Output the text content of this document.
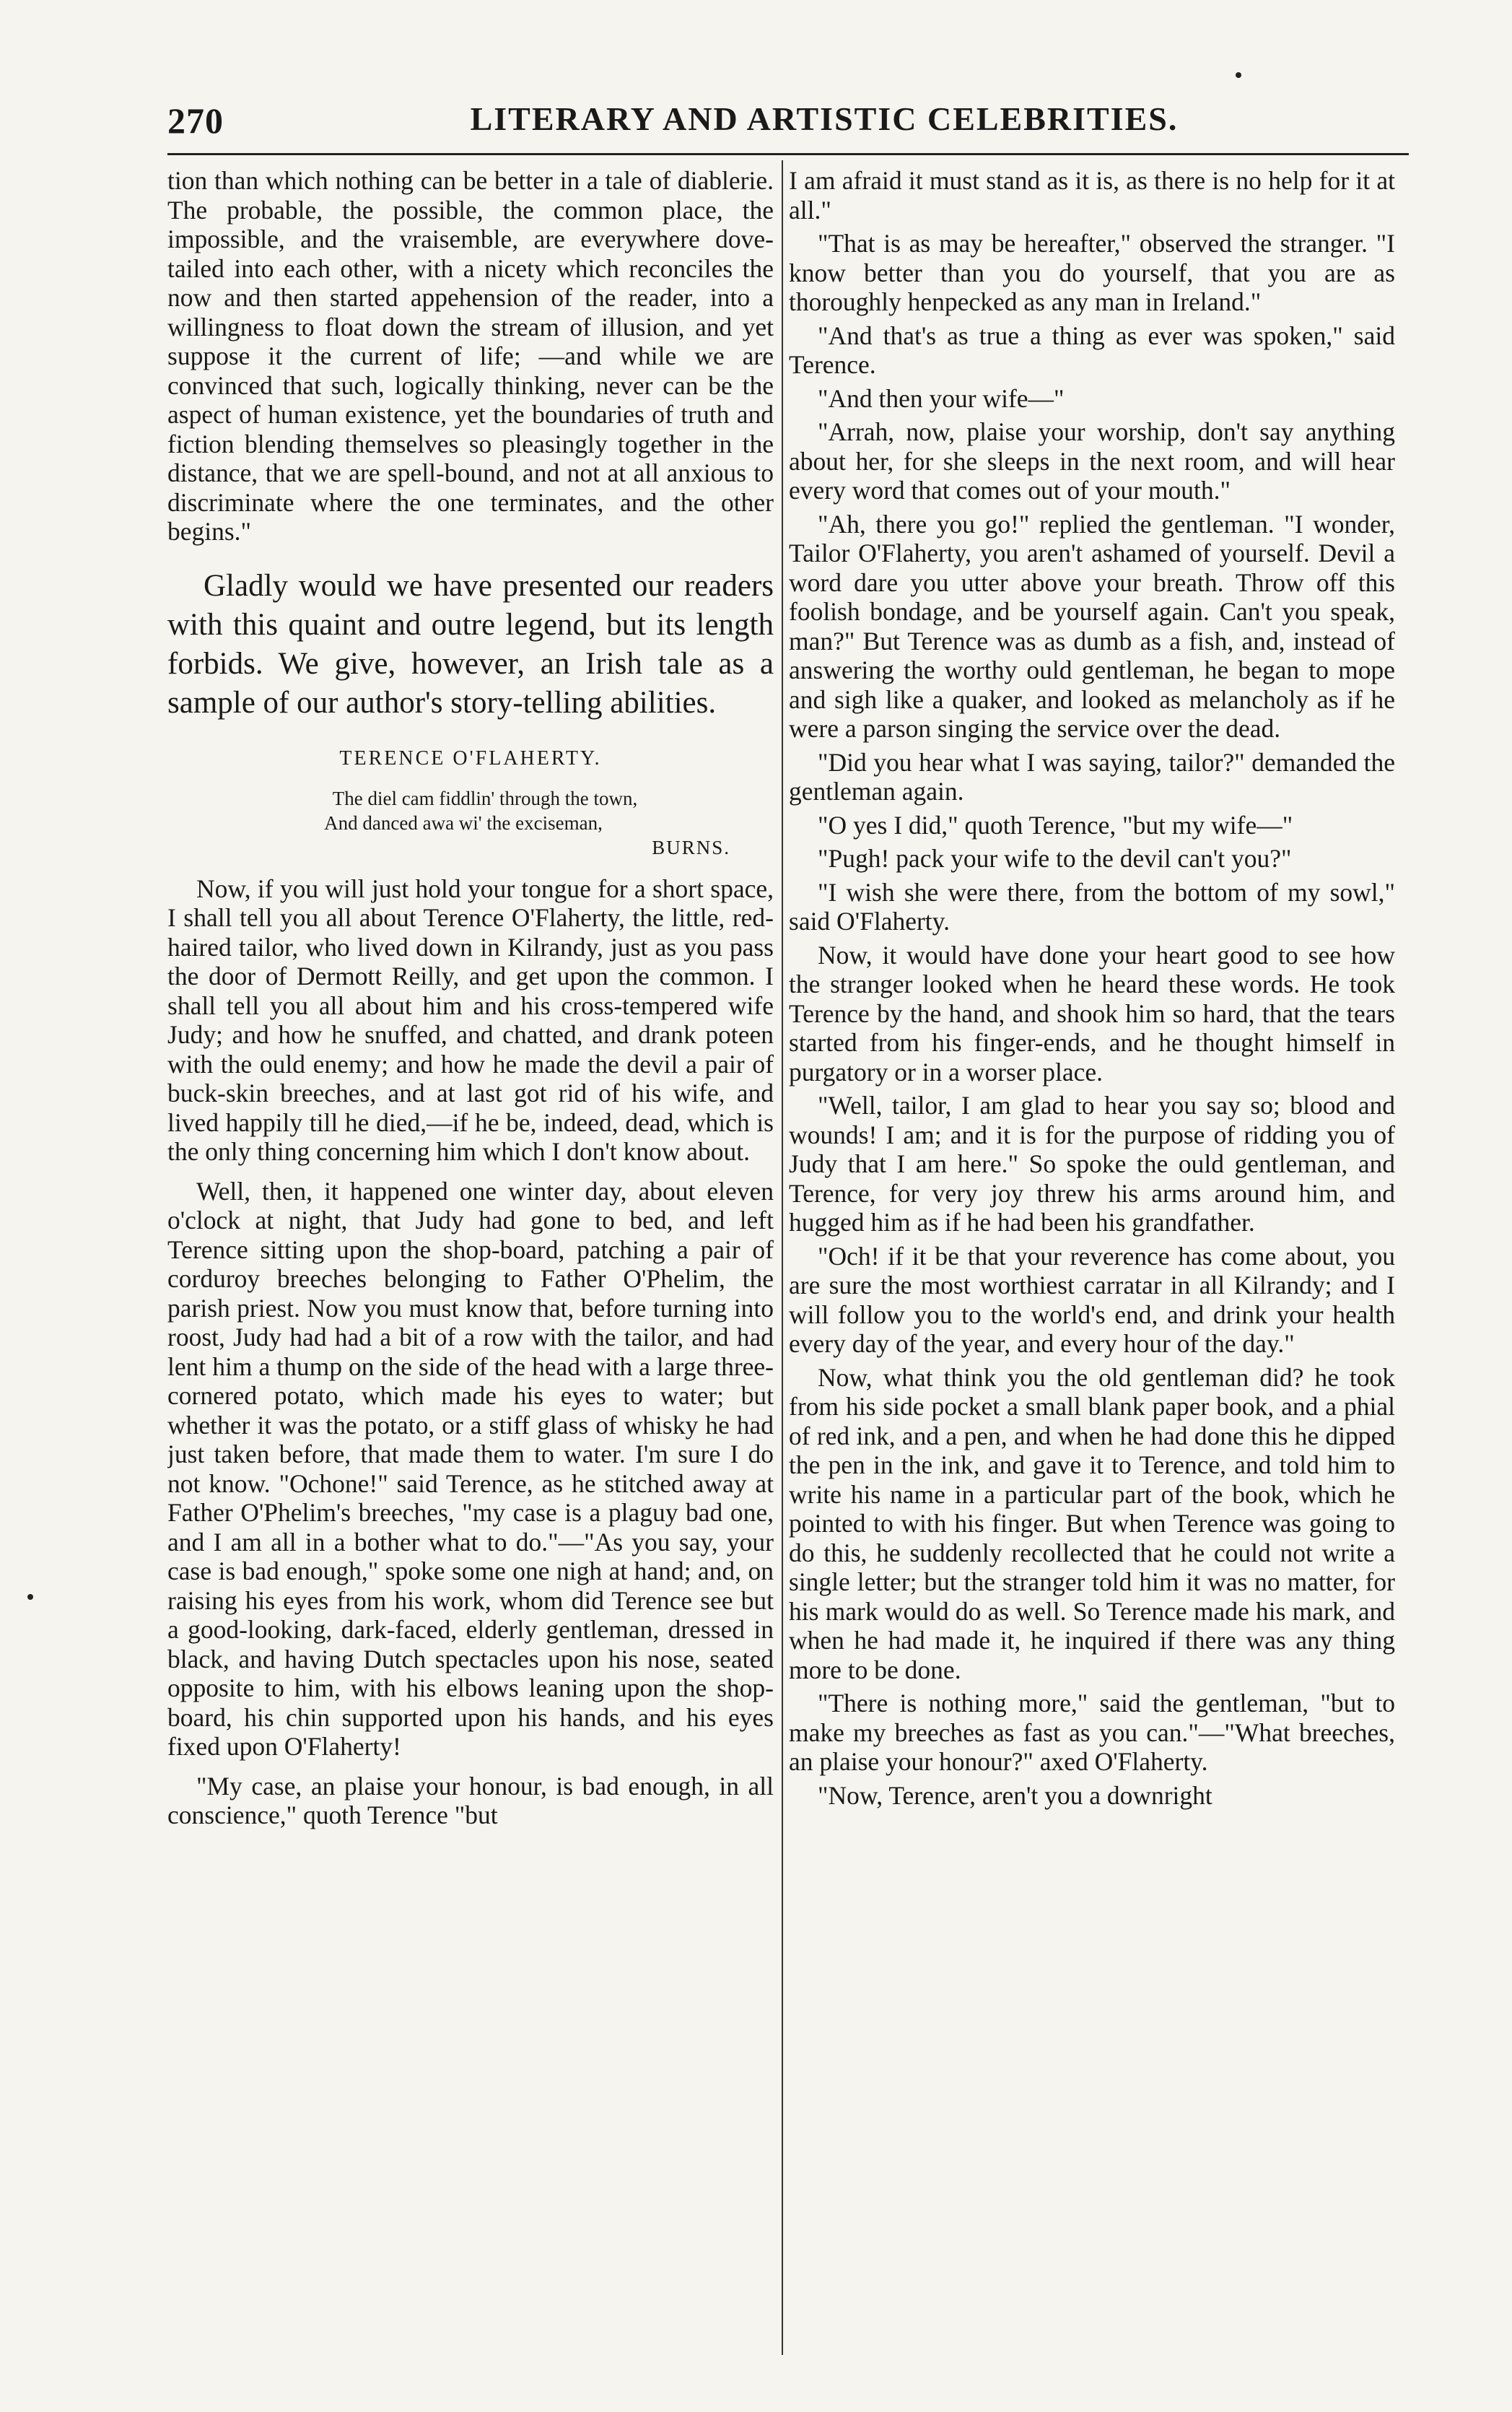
270	LITERARY AND ARTISTIC CELEBRITIES.

tion than which nothing can be better in a tale of diablerie. The probable, the possible, the common place, the impossible, and the vraisemble, are everywhere dove-tailed into each other, with a nicety which reconciles the now and then started appehension of the reader, into a willingness to float down the stream of illusion, and yet suppose it the current of life; —and while we are convinced that such, logically thinking, never can be the aspect of human existence, yet the boundaries of truth and fiction blending themselves so pleasingly together in the distance, that we are spell-bound, and not at all anxious to discriminate where the one terminates, and the other begins."

Gladly would we have presented our readers with this quaint and outre legend, but its length forbids. We give, however, an Irish tale as a sample of our author's story-telling abilities.

TERENCE O'FLAHERTY.
The diel cam fiddlin' through the town,
And danced awa wi' the exciseman,
BURNS.

Now, if you will just hold your tongue for a short space, I shall tell you all about Terence O'Flaherty, the little, red-haired tailor, who lived down in Kilrandy, just as you pass the door of Dermott Reilly, and get upon the common. I shall tell you all about him and his cross-tempered wife Judy; and how he snuffed, and chatted, and drank poteen with the ould enemy; and how he made the devil a pair of buck-skin breeches, and at last got rid of his wife, and lived happily till he died,—if he be, indeed, dead, which is the only thing concerning him which I don't know about.

Well, then, it happened one winter day, about eleven o'clock at night, that Judy had gone to bed, and left Terence sitting upon the shop-board, patching a pair of corduroy breeches belonging to Father O'Phelim, the parish priest. Now you must know that, before turning into roost, Judy had had a bit of a row with the tailor, and had lent him a thump on the side of the head with a large three-cornered potato, which made his eyes to water; but whether it was the potato, or a stiff glass of whisky he had just taken before, that made them to water. I'm sure I do not know. "Ochone!" said Terence, as he stitched away at Father O'Phelim's breeches, "my case is a plaguy bad one, and I am all in a bother what to do."—"As you say, your case is bad enough," spoke some one nigh at hand; and, on raising his eyes from his work, whom did Terence see but a good-looking, dark-faced, elderly gentleman, dressed in black, and having Dutch spectacles upon his nose, seated opposite to him, with his elbows leaning upon the shop-board, his chin supported upon his hands, and his eyes fixed upon O'Flaherty!

"My case, an plaise your honour, is bad enough, in all conscience," quoth Terence "but

I am afraid it must stand as it is, as there is no help for it at all."

"That is as may be hereafter," observed the stranger. "I know better than you do yourself, that you are as thoroughly henpecked as any man in Ireland."

"And that's as true a thing as ever was spoken," said Terence.

"And then your wife—"

"Arrah, now, plaise your worship, don't say anything about her, for she sleeps in the next room, and will hear every word that comes out of your mouth."

"Ah, there you go!" replied the gentleman. "I wonder, Tailor O'Flaherty, you aren't ashamed of yourself. Devil a word dare you utter above your breath. Throw off this foolish bondage, and be yourself again. Can't you speak, man?" But Terence was as dumb as a fish, and, instead of answering the worthy ould gentleman, he began to mope and sigh like a quaker, and looked as melancholy as if he were a parson singing the service over the dead.

"Did you hear what I was saying, tailor?" demanded the gentleman again.

"O yes I did," quoth Terence, "but my wife—"

"Pugh! pack your wife to the devil can't you?"

"I wish she were there, from the bottom of my sowl," said O'Flaherty.

Now, it would have done your heart good to see how the stranger looked when he heard these words. He took Terence by the hand, and shook him so hard, that the tears started from his finger-ends, and he thought himself in purgatory or in a worser place.

"Well, tailor, I am glad to hear you say so; blood and wounds! I am; and it is for the purpose of ridding you of Judy that I am here." So spoke the ould gentleman, and Terence, for very joy threw his arms around him, and hugged him as if he had been his grandfather.

"Och! if it be that your reverence has come about, you are sure the most worthiest carratar in all Kilrandy; and I will follow you to the world's end, and drink your health every day of the year, and every hour of the day."

Now, what think you the old gentleman did? he took from his side pocket a small blank paper book, and a phial of red ink, and a pen, and when he had done this he dipped the pen in the ink, and gave it to Terence, and told him to write his name in a particular part of the book, which he pointed to with his finger. But when Terence was going to do this, he suddenly recollected that he could not write a single letter; but the stranger told him it was no matter, for his mark would do as well. So Terence made his mark, and when he had made it, he inquired if there was any thing more to be done.

"There is nothing more," said the gentleman, "but to make my breeches as fast as you can."—"What breeches, an plaise your honour?" axed O'Flaherty.

"Now, Terence, aren't you a downright
